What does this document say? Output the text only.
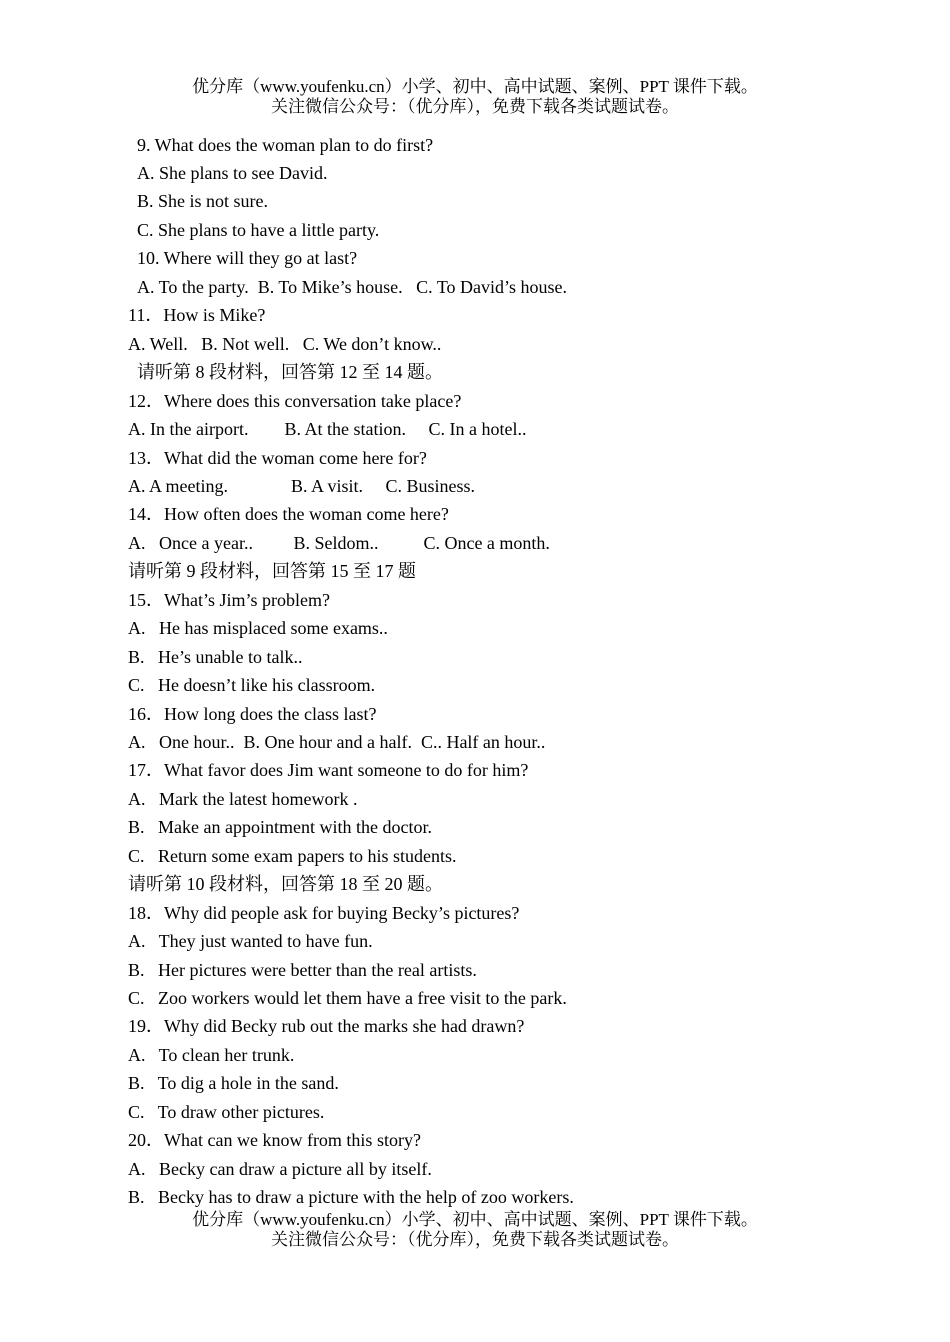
优分库（www.youfenku.cn）小学、初中、高中试题、案例、PPT 课件下载。
关注微信公众号：（优分库），免费下载各类试题试卷。
9. What does the woman plan to do first?
A. She plans to see David.
B. She is not sure.
C. She plans to have a little party.
10. Where will they go at last?
A. To the party.  B. To Mike’s house.   C. To David’s house.
11．How is Mike?
A. Well.   B. Not well.   C. We don’t know..
请听第 8 段材料，回答第 12 至 14 题。
12．Where does this conversation take place?
A. In the airport.        B. At the station.     C. In a hotel..
13．What did the woman come here for?
A. A meeting.              B. A visit.     C. Business.
14．How often does the woman come here?
A.   Once a year..         B. Seldom..          C. Once a month.
请听第 9 段材料，回答第 15 至 17 题
15．What’s Jim’s problem?
A.   He has misplaced some exams..
B.   He’s unable to talk..
C.   He doesn’t like his classroom.
16．How long does the class last?
A.   One hour..  B. One hour and a half.  C.. Half an hour..
17．What favor does Jim want someone to do for him?
A.   Mark the latest homework .
B.   Make an appointment with the doctor.
C.   Return some exam papers to his students.
请听第 10 段材料，回答第 18 至 20 题。
18．Why did people ask for buying Becky’s pictures?
A.   They just wanted to have fun.
B.   Her pictures were better than the real artists.
C.   Zoo workers would let them have a free visit to the park.
19．Why did Becky rub out the marks she had drawn?
A.   To clean her trunk.
B.   To dig a hole in the sand.
C.   To draw other pictures.
20．What can we know from this story?
A.   Becky can draw a picture all by itself.
B.   Becky has to draw a picture with the help of zoo workers.
优分库（www.youfenku.cn）小学、初中、高中试题、案例、PPT 课件下载。
关注微信公众号：（优分库），免费下载各类试题试卷。
